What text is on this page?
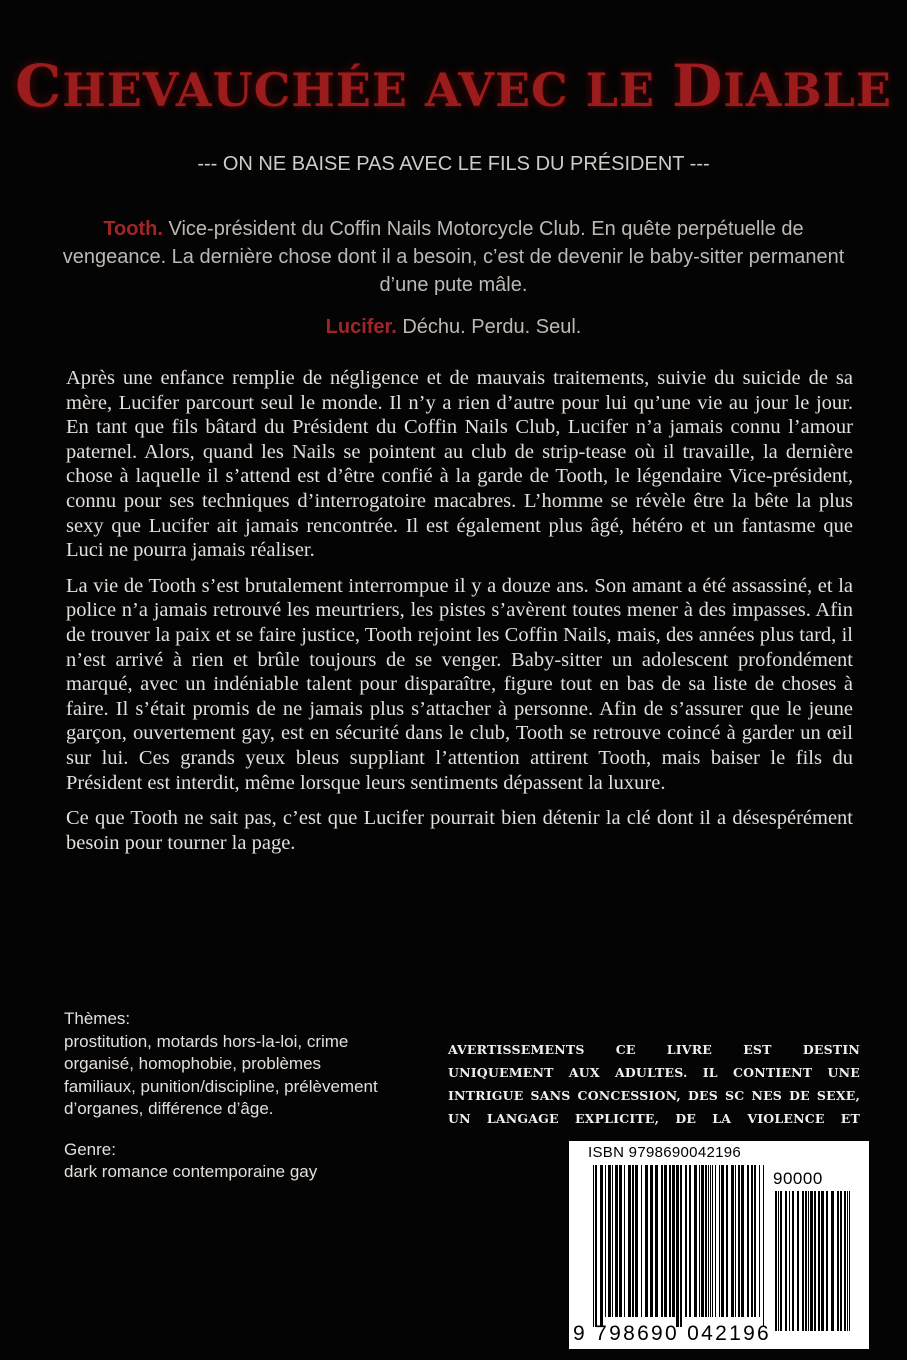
CHEVAUCHÉE AVEC LE DIABLE
--- ON NE BAISE PAS AVEC LE FILS DU PRÉSIDENT ---

Tooth. Vice-président du Coffin Nails Motorcycle Club. En quête perpétuelle de vengeance. La dernière chose dont il a besoin, c’est de devenir le baby-sitter permanent d’une pute mâle.

Lucifer. Déchu. Perdu. Seul.

Après une enfance remplie de négligence et de mauvais traitements, suivie du suicide de sa mère, Lucifer parcourt seul le monde. Il n’y a rien d’autre pour lui qu’une vie au jour le jour. En tant que fils bâtard du Président du Coffin Nails Club, Lucifer n’a jamais connu l’amour paternel. Alors, quand les Nails se pointent au club de strip-tease où il travaille, la dernière chose à laquelle il s’attend est d’être confié à la garde de Tooth, le légendaire Vice-président, connu pour ses techniques d’interrogatoire macabres. L’homme se révèle être la bête la plus sexy que Lucifer ait jamais rencontrée. Il est également plus âgé, hétéro et un fantasme que Luci ne pourra jamais réaliser.

La vie de Tooth s’est brutalement interrompue il y a douze ans. Son amant a été assassiné, et la police n’a jamais retrouvé les meurtriers, les pistes s’avèrent toutes mener à des impasses. Afin de trouver la paix et se faire justice, Tooth rejoint les Coffin Nails, mais, des années plus tard, il n’est arrivé à rien et brûle toujours de se venger. Baby-sitter un adolescent profondément marqué, avec un indéniable talent pour disparaître, figure tout en bas de sa liste de choses à faire. Il s’était promis de ne jamais plus s’attacher à personne. Afin de s’assurer que le jeune garçon, ouvertement gay, est en sécurité dans le club, Tooth se retrouve coincé à garder un œil sur lui. Ces grands yeux bleus suppliant l’attention attirent Tooth, mais baiser le fils du Président est interdit, même lorsque leurs sentiments dépassent la luxure.

Ce que Tooth ne sait pas, c’est que Lucifer pourrait bien détenir la clé dont il a désespérément besoin pour tourner la page.

Thèmes:
prostitution, motards hors-la-loi, crime organisé, homophobie, problèmes familiaux, punition/discipline, prélèvement d’organes, différence d’âge.

Genre:
dark romance contemporaine gay

AVERTISSEMENTS CE LIVRE EST DESTIN UNIQUEMENT AUX ADULTES. IL CONTIENT UNE INTRIGUE SANS CONCESSION, DES SC NES DE SEXE, UN LANGAGE EXPLICITE, DE LA VIOLENCE ET
ISBN 9798690042196
90000
9 798690 042196
